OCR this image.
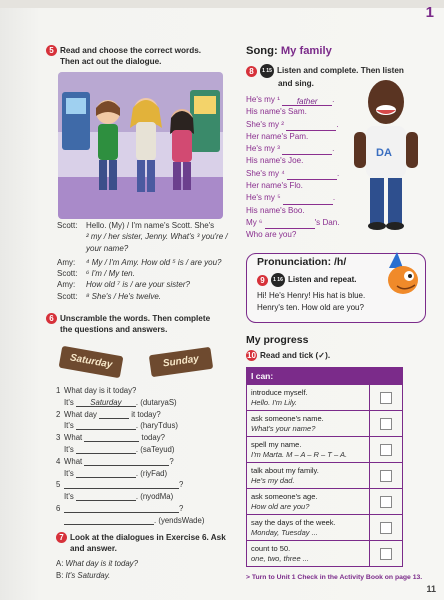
1
5 Read and choose the correct words.
Then act out the dialogue.
Scott:	Hello. (My) / I'm name's Scott. She's
² my / her sister, Jenny. What's ³ you're /
your name?
Amy:	⁴ My / I'm Amy. How old ⁵ is / are you?
Scott:	⁶ I'm / My ten.
Amy:	How old ⁷ is / are your sister?
Scott:	⁸ She's / He's twelve.
6 Unscramble the words. Then complete
the questions and answers.
Saturday	Sunday
1 What day is it today?
It's
	Saturday	. (dutaryaS)
2 What day

	it today?
It's
	. (haryTdus)
3 What

	today?
It's
	. (saTeyud)
4 What
	?
It's
	. (riyFad)
5	?
It's
	. (nyodMa)
6	?
. (yendsWade)
7 Look at the dialogues in Exercise 6. Ask
and answer.
A: What day is it today?
B: It's Saturday.
Song: My family
8 1 15 Listen and complete. Then listen
and sing.
He's my ¹ father .
His name's Sam.
She's my ²	.
Her name's Pam.
He's my ³	.
His name's Joe.
She's my ⁴	.
Her name's Flo.
He's my ⁵	.
His name's Boo.
My ⁶	's Dan.
Who are you?
DA
Pronunciation: /h/
9 1 16 Listen and repeat.
Hi! He's Henry! His hat is blue.
Henry's ten. How old are you?
My progress
10 Read and tick (✓).
I can:	
introduce myself.
Hello. I'm Lily.	

ask someone's name.
What's your name?	

spell my name.
I'm Marta. M – A – R – T – A.	

talk about my family.
He's my dad.	

ask someone's age.
How old are you?	

say the days of the week.
Monday, Tuesday ...	

count to 50.
one, two, three ...	
> Turn to Unit 1 Check in the Activity Book on page 13.
11
